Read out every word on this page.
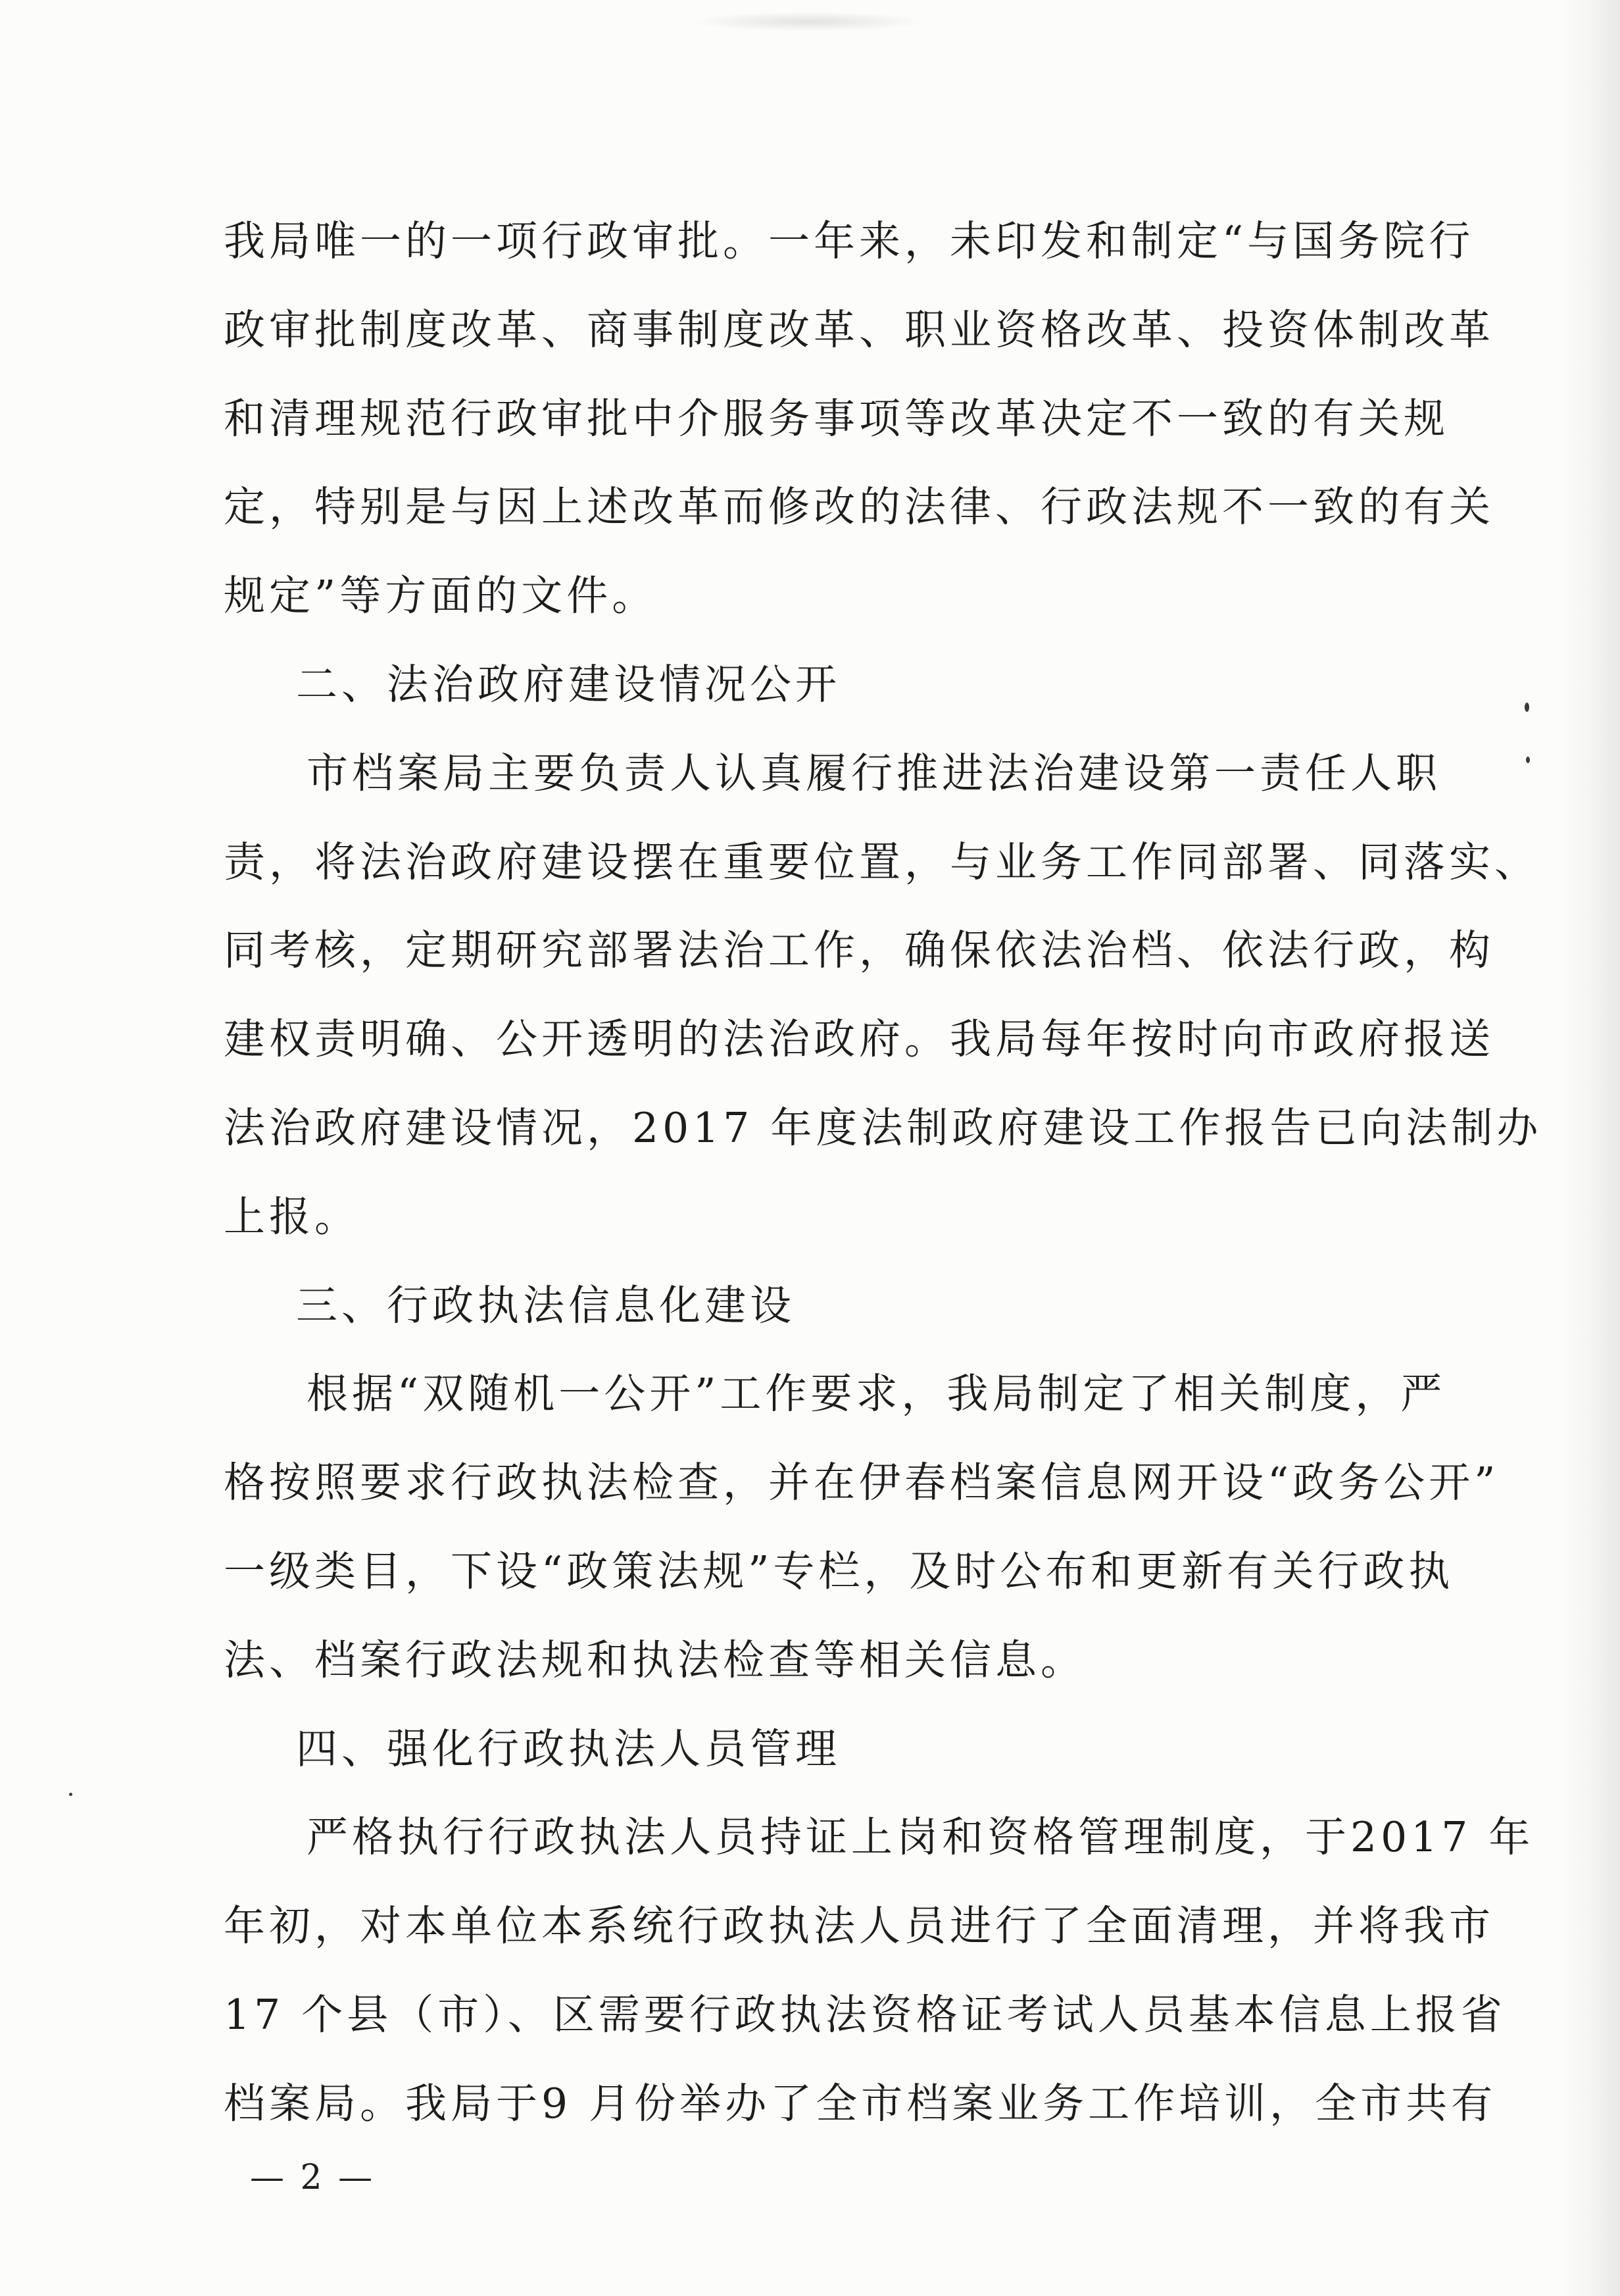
我局唯一的一项行政审批。一年来，未印发和制定“与国务院行
政审批制度改革、商事制度改革、职业资格改革、投资体制改革
和清理规范行政审批中介服务事项等改革决定不一致的有关规
定，特别是与因上述改革而修改的法律、行政法规不一致的有关
规定”等方面的文件。
二、法治政府建设情况公开
市档案局主要负责人认真履行推进法治建设第一责任人职
责，将法治政府建设摆在重要位置，与业务工作同部署、同落实、
同考核，定期研究部署法治工作，确保依法治档、依法行政，构
建权责明确、公开透明的法治政府。我局每年按时向市政府报送
法治政府建设情况，2017 年度法制政府建设工作报告已向法制办
上报。
三、行政执法信息化建设
根据“双随机一公开”工作要求，我局制定了相关制度，严
格按照要求行政执法检查，并在伊春档案信息网开设“政务公开”
一级类目，下设“政策法规”专栏，及时公布和更新有关行政执
法、档案行政法规和执法检查等相关信息。
四、强化行政执法人员管理
严格执行行政执法人员持证上岗和资格管理制度，于2017 年
年初，对本单位本系统行政执法人员进行了全面清理，并将我市
17 个县（市）、区需要行政执法资格证考试人员基本信息上报省
档案局。我局于9 月份举办了全市档案业务工作培训，全市共有
— 2 —
